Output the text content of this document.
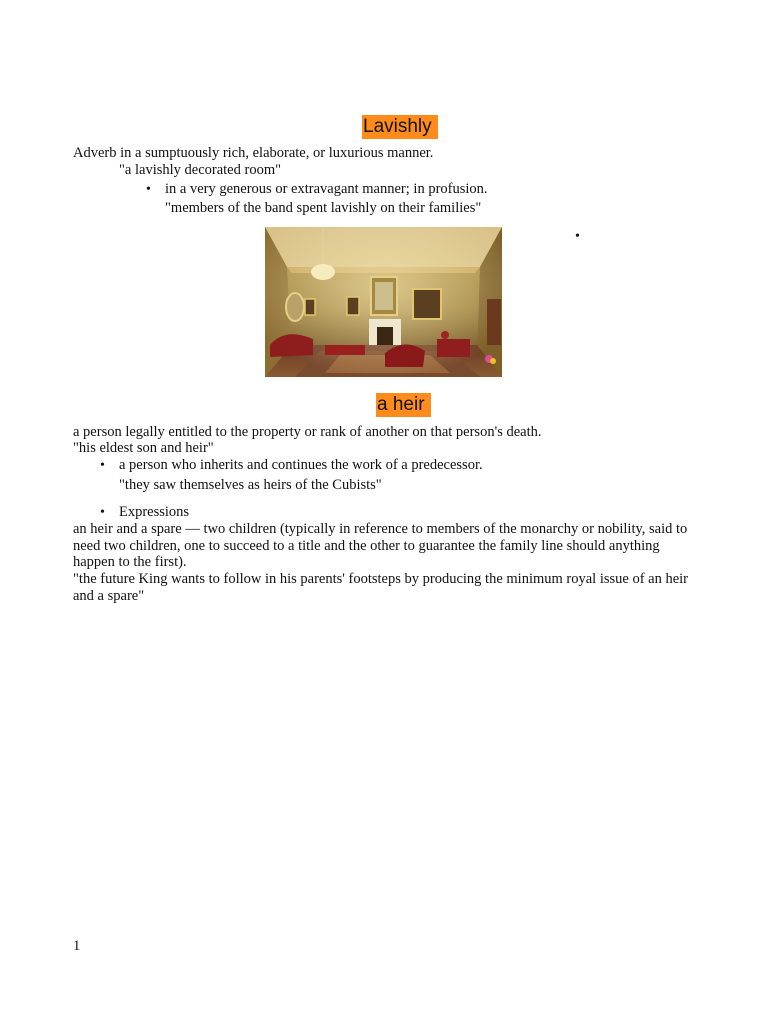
Lavishly
Adverb in a sumptuously rich, elaborate, or luxurious manner.
"a lavishly decorated room"
• in a very generous or extravagant manner; in profusion.
"members of the band spent lavishly on their families"
•
a heir
a person legally entitled to the property or rank of another on that person's death.
"his eldest son and heir"
• a person who inherits and continues the work of a predecessor.
"they saw themselves as heirs of the Cubists"
• Expressions
an heir and a spare — two children (typically in reference to members of the monarchy or nobility, said to need two children, one to succeed to a title and the other to guarantee the family line should anything happen to the first).
"the future King wants to follow in his parents' footsteps by producing the minimum royal issue of an heir and a spare"
1
